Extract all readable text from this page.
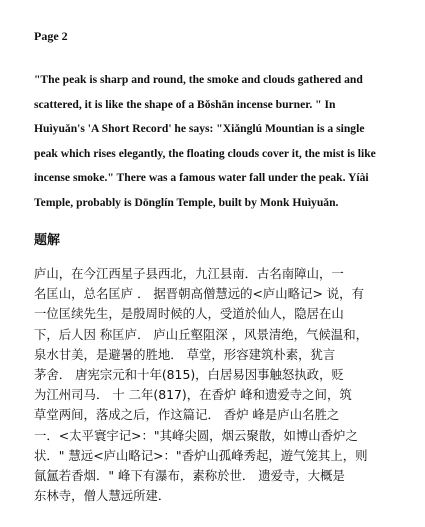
Page 2
"The peak is sharp and round, the smoke and clouds gathered and
scattered, it is like the shape of a Bǒshān incense burner. " In
Huìyuǎn's 'A Short Record' he says: "Xiǎnglú Mountian is a single
peak which rises elegantly, the floating clouds cover it, the mist is like
incense smoke." There was a famous water fall under the peak. Yíài
Temple, probably is Dōnglín Temple, built by Monk Huìyuǎn.
题解
庐山，在今江西星子县西北，九江县南．古名南障山，一
名匡山，总名匡庐 ． 据晋朝高僧慧远的<庐山略记> 说，有
一位匡续先生，是殷周时候的人，受道於仙人，隐居在山
下，后人因 称匡庐． 庐山丘壑阻深 ，风景清绝，气候温和，
泉水甘美，是避暑的胜地． 草堂，形容建筑朴素，犹言
茅舍． 唐宪宗元和十年(815)，白居易因事触怒执政，贬
为江州司马． 十 二年(817)，在香炉 峰和遗爱寺之间，筑
草堂两间，落成之后，作这篇记． 香炉 峰是庐山名胜之
一．<太平寰宇记>："其峰尖圆，烟云聚散，如博山香炉之
状．" 慧远<庐山略记>："香炉山孤峰秀起，遊气笼其上，则
氤氲若香烟．" 峰下有瀑布，素称於世． 遗爱寺，大概是
东林寺，僧人慧远所建．
